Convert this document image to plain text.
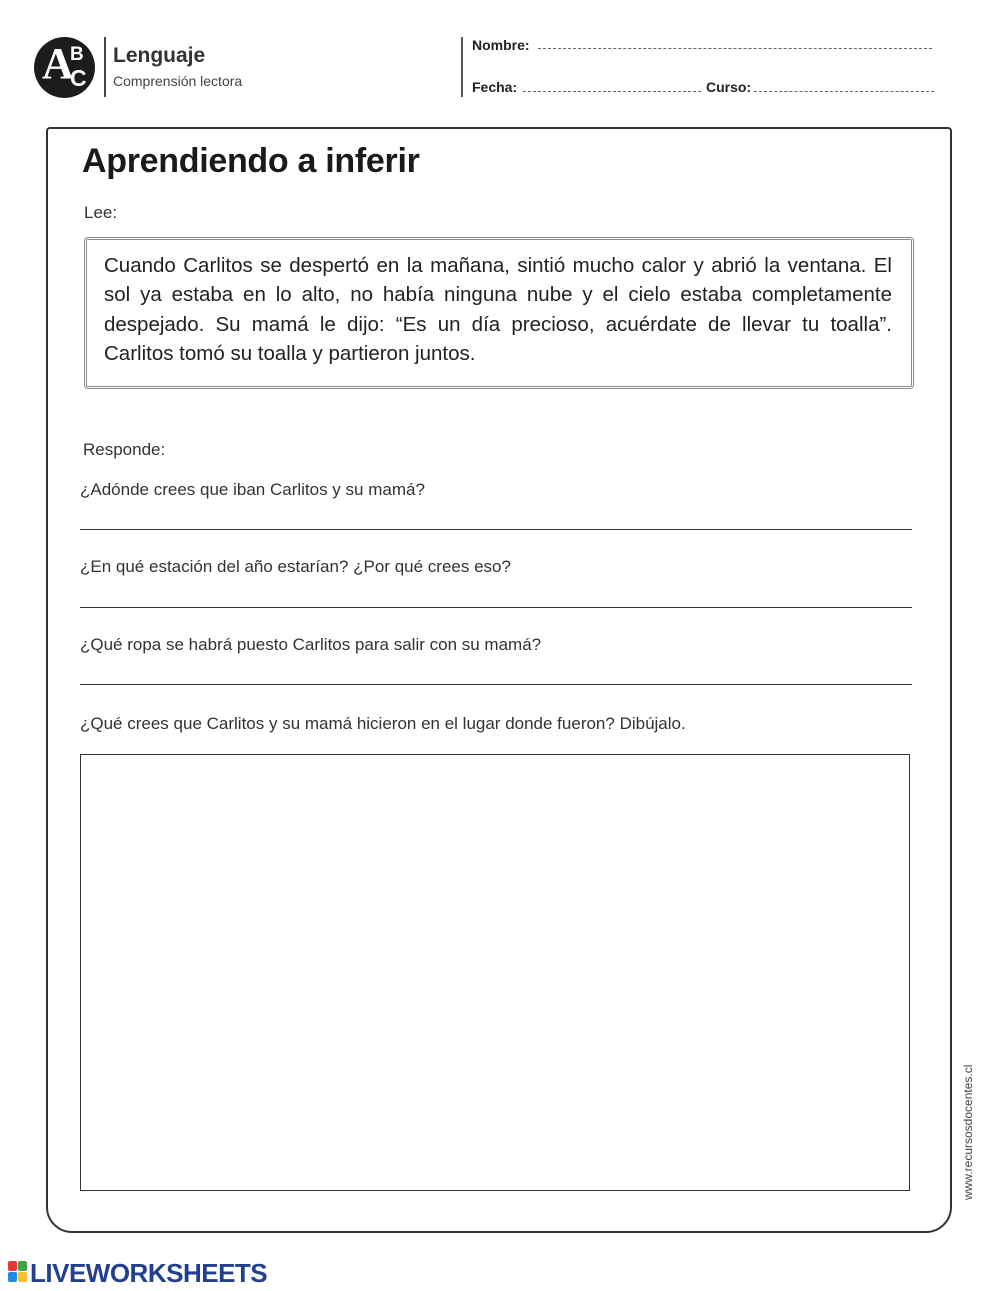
A
B
C
Lenguaje
Comprensión lectora
Nombre:
Fecha:	Curso:
Aprendiendo a inferir
Lee:
Cuando Carlitos se despertó en la mañana, sintió mucho calor y abrió la ventana. El sol ya estaba en lo alto, no había ninguna nube y el cielo estaba completamente despejado. Su mamá le dijo: “Es un día precioso, acuérdate de llevar tu toalla”. Carlitos tomó su toalla y partieron juntos.
Responde:
¿Adónde crees que iban Carlitos y su mamá?
¿En qué estación del año estarían? ¿Por qué crees eso?
¿Qué ropa se habrá puesto Carlitos para salir con su mamá?
¿Qué crees que Carlitos y su mamá hicieron en el lugar donde fueron? Dibújalo.
www.recursosdocentes.cl
LIVEWORKSHEETS
